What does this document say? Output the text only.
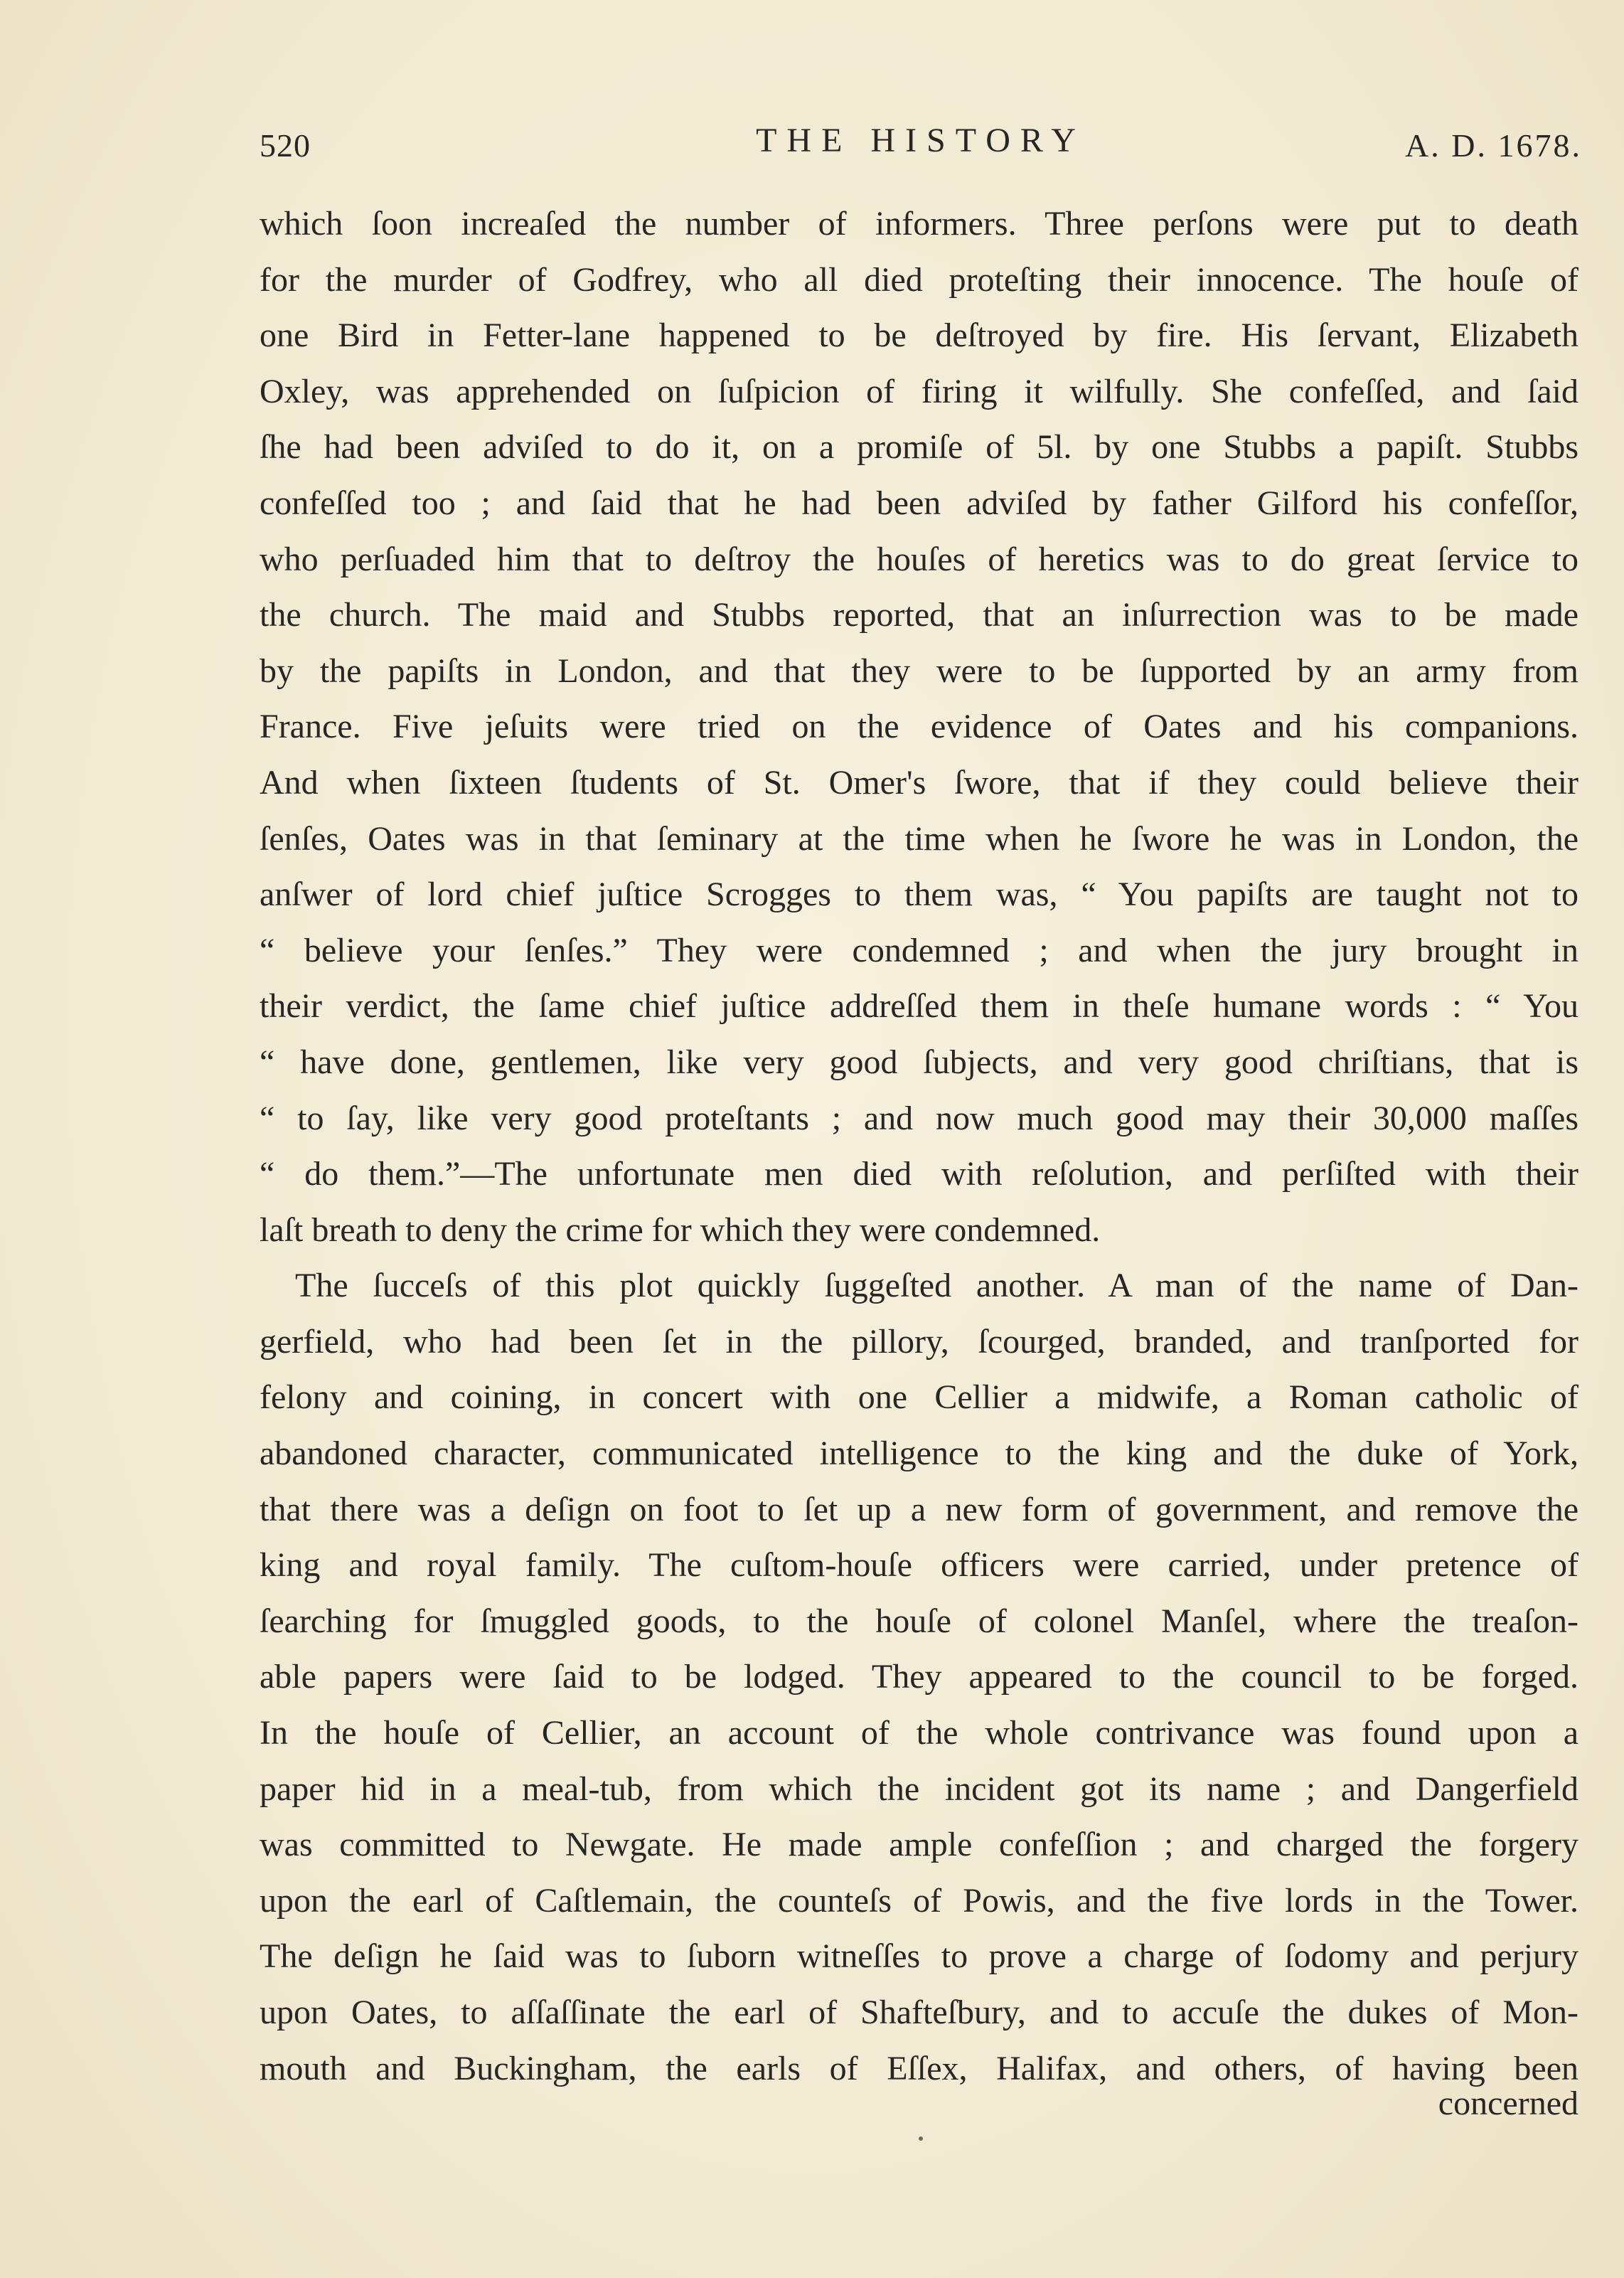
520	THE HISTORY	A. D. 1678.
which ſoon increaſed the number of informers. Three perſons were put to death
for the murder of Godfrey, who all died proteſting their innocence. The houſe of
one Bird in Fetter-lane happened to be deſtroyed by fire. His ſervant, Elizabeth
Oxley, was apprehended on ſuſpicion of firing it wilfully. She confeſſed, and ſaid
ſhe had been adviſed to do it, on a promiſe of 5l. by one Stubbs a papiſt. Stubbs
confeſſed too ; and ſaid that he had been adviſed by father Gilford his confeſſor,
who perſuaded him that to deſtroy the houſes of heretics was to do great ſervice to
the church. The maid and Stubbs reported, that an inſurrection was to be made
by the papiſts in London, and that they were to be ſupported by an army from
France. Five jeſuits were tried on the evidence of Oates and his companions.
And when ſixteen ſtudents of St. Omer's ſwore, that if they could believe their
ſenſes, Oates was in that ſeminary at the time when he ſwore he was in London, the
anſwer of lord chief juſtice Scrogges to them was, “ You papiſts are taught not to
“ believe your ſenſes.” They were condemned ; and when the jury brought in
their verdict, the ſame chief juſtice addreſſed them in theſe humane words : “ You
“ have done, gentlemen, like very good ſubjects, and very good chriſtians, that is
“ to ſay, like very good proteſtants ; and now much good may their 30,000 maſſes
“ do them.”—The unfortunate men died with reſolution, and perſiſted with their
laſt breath to deny the crime for which they were condemned.
The ſucceſs of this plot quickly ſuggeſted another. A man of the name of Dan-
gerfield, who had been ſet in the pillory, ſcourged, branded, and tranſported for
felony and coining, in concert with one Cellier a midwife, a Roman catholic of
abandoned character, communicated intelligence to the king and the duke of York,
that there was a deſign on foot to ſet up a new form of government, and remove the
king and royal family. The cuſtom-houſe officers were carried, under pretence of
ſearching for ſmuggled goods, to the houſe of colonel Manſel, where the treaſon-
able papers were ſaid to be lodged. They appeared to the council to be forged.
In the houſe of Cellier, an account of the whole contrivance was found upon a
paper hid in a meal-tub, from which the incident got its name ; and Dangerfield
was committed to Newgate. He made ample confeſſion ; and charged the forgery
upon the earl of Caſtlemain, the counteſs of Powis, and the five lords in the Tower.
The deſign he ſaid was to ſuborn witneſſes to prove a charge of ſodomy and perjury
upon Oates, to aſſaſſinate the earl of Shafteſbury, and to accuſe the dukes of Mon-
mouth and Buckingham, the earls of Eſſex, Halifax, and others, of having been
concerned
